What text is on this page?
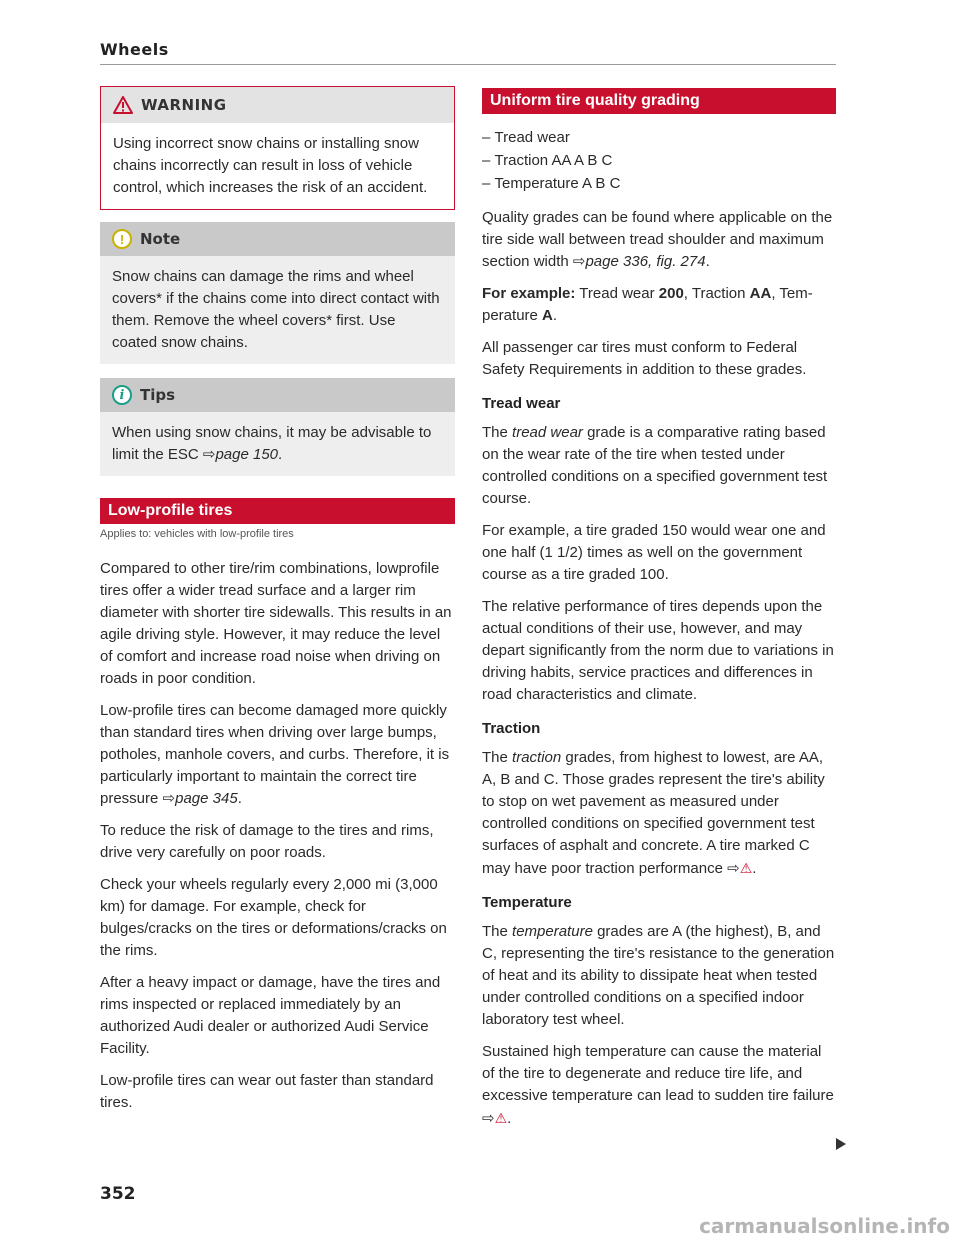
Wheels
WARNING

Using incorrect snow chains or installing snow chains incorrectly can result in loss of vehicle control, which increases the risk of an accident.

!	Note

Snow chains can damage the rims and wheel covers* if the chains come into direct contact with them. Remove the wheel covers* first. Use coated snow chains.

i	Tips

When using snow chains, it may be advisable to limit the ESC ⇨page 150.

Low-profile tires
Applies to: vehicles with low-profile tires

Compared to other tire/rim combinations, lowprofile tires offer a wider tread surface and a larger rim diameter with shorter tire sidewalls. This results in an agile driving style. However, it may reduce the level of comfort and increase road noise when driving on roads in poor condition.

Low-profile tires can become damaged more quickly than standard tires when driving over large bumps, potholes, manhole covers, and curbs. Therefore, it is particularly important to maintain the correct tire pressure ⇨page 345.

To reduce the risk of damage to the tires and rims, drive very carefully on poor roads.

Check your wheels regularly every 2,000 mi (3,000 km) for damage. For example, check for bulges/cracks on the tires or deformations/cracks on the rims.

After a heavy impact or damage, have the tires and rims inspected or replaced immediately by an authorized Audi dealer or authorized Audi Service Facility.

Low-profile tires can wear out faster than standard tires.

Uniform tire quality grading
– Tread wear
– Traction AA A B C
– Temperature A B C

Quality grades can be found where applicable on the tire side wall between tread shoulder and maximum section width ⇨page 336, fig. 274.

For example: Tread wear 200, Traction AA, Temperature A.

All passenger car tires must conform to Federal Safety Requirements in addition to these grades.

Tread wear

The tread wear grade is a comparative rating based on the wear rate of the tire when tested under controlled conditions on a specified government test course.

For example, a tire graded 150 would wear one and one half (1 1/2) times as well on the government course as a tire graded 100.

The relative performance of tires depends upon the actual conditions of their use, however, and may depart significantly from the norm due to variations in driving habits, service practices and differences in road characteristics and climate.

Traction

The traction grades, from highest to lowest, are AA, A, B and C. Those grades represent the tire's ability to stop on wet pavement as measured under controlled conditions on specified government test surfaces of asphalt and concrete. A tire marked C may have poor traction performance ⇨⚠.

Temperature

The temperature grades are A (the highest), B, and C, representing the tire's resistance to the generation of heat and its ability to dissipate heat when tested under controlled conditions on a specified indoor laboratory test wheel.

Sustained high temperature can cause the material of the tire to degenerate and reduce tire life, and excessive temperature can lead to sudden tire failure ⇨⚠.

352
carmanualsonline.info
